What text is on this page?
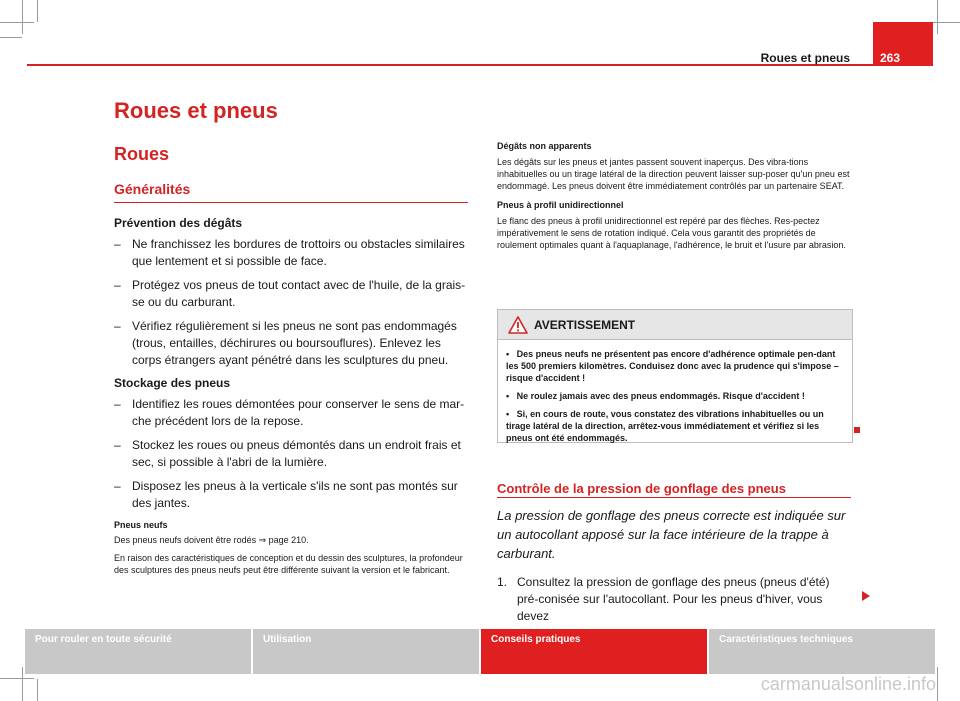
263
Roues et pneus
Roues et pneus
Roues
Généralités
Prévention des dégâts
– Ne franchissez les bordures de trottoirs ou obstacles similaires que lentement et si possible de face.
– Protégez vos pneus de tout contact avec de l'huile, de la grais-se ou du carburant.
– Vérifiez régulièrement si les pneus ne sont pas endommagés (trous, entailles, déchirures ou boursouflures). Enlevez les corps étrangers ayant pénétré dans les sculptures du pneu.
Stockage des pneus
– Identifiez les roues démontées pour conserver le sens de mar-che précédent lors de la repose.
– Stockez les roues ou pneus démontés dans un endroit frais et sec, si possible à l'abri de la lumière.
– Disposez les pneus à la verticale s'ils ne sont pas montés sur des jantes.
Pneus neufs
Des pneus neufs doivent être rodés ⇒ page 210.
En raison des caractéristiques de conception et du dessin des sculptures, la profondeur des sculptures des pneus neufs peut être différente suivant la version et le fabricant.
Dégâts non apparents
Les dégâts sur les pneus et jantes passent souvent inaperçus. Des vibra-tions inhabituelles ou un tirage latéral de la direction peuvent laisser sup-poser qu'un pneu est endommagé. Les pneus doivent être immédiatement contrôlés par un partenaire SEAT.
Pneus à profil unidirectionnel
Le flanc des pneus à profil unidirectionnel est repéré par des flèches. Res-pectez impérativement le sens de rotation indiqué. Cela vous garantit des propriétés de roulement optimales quant à l'aquaplanage, l'adhérence, le bruit et l'usure par abrasion.
AVERTISSEMENT
• Des pneus neufs ne présentent pas encore d'adhérence optimale pen-dant les 500 premiers kilomètres. Conduisez donc avec la prudence qui s'impose – risque d'accident !
• Ne roulez jamais avec des pneus endommagés. Risque d'accident !
• Si, en cours de route, vous constatez des vibrations inhabituelles ou un tirage latéral de la direction, arrêtez-vous immédiatement et vérifiez si les pneus ont été endommagés.
Contrôle de la pression de gonflage des pneus
La pression de gonflage des pneus correcte est indiquée sur un autocollant apposé sur la face intérieure de la trappe à carburant.
1. Consultez la pression de gonflage des pneus (pneus d'été) pré-conisée sur l'autocollant. Pour les pneus d'hiver, vous devez
Pour rouler en toute sécurité	Utilisation	Conseils pratiques	Caractéristiques techniques
carmanualsonline.info
